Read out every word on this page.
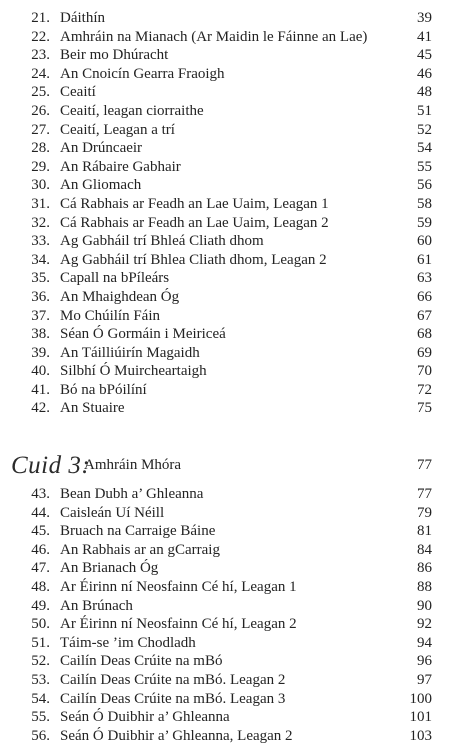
21. Dáithín	39
22. Amhráin na Mianach (Ar Maidin le Fáinne an Lae)	41
23. Beir mo Dhúracht	45
24. An Cnoicín Gearra Fraoigh	46
25. Ceaití	48
26. Ceaití, leagan ciorraithe	51
27. Ceaití, Leagan a trí	52
28. An Drúncaeir	54
29. An Rábaire Gabhair	55
30. An Gliomach	56
31. Cá Rabhais ar Feadh an Lae Uaim, Leagan 1	58
32. Cá Rabhais ar Feadh an Lae Uaim, Leagan 2	59
33. Ag Gabháil trí Bhleá Cliath dhom	60
34. Ag Gabháil trí Bhlea Cliath dhom, Leagan 2	61
35. Capall na bPíleárs	63
36. An Mhaighdean Óg	66
37. Mo Chúilín Fáin	67
38. Séan Ó Gormáin i Meiriceá	68
39. An Táilliúirín Magaidh	69
40. Silbhí Ó Muircheartaigh	70
41. Bó na bPóilíní	72
42. An Stuaire	75
Cuid 3:
Amhráin Mhóra	77
43. Bean Dubh a’ Ghleanna	77
44. Caisleán Uí Néill	79
45. Bruach na Carraige Báine	81
46. An Rabhais ar an gCarraig	84
47. An Brianach Óg	86
48. Ar Éirinn ní Neosfainn Cé hí, Leagan 1	88
49. An Brúnach	90
50. Ar Éirinn ní Neosfainn Cé hí, Leagan 2	92
51. Táim-se ’im Chodladh	94
52. Cailín Deas Crúite na mBó	96
53. Cailín Deas Crúite na mBó. Leagan 2	97
54. Cailín Deas Crúite na mBó. Leagan 3	100
55. Seán Ó Duibhir a’ Ghleanna	101
56. Seán Ó Duibhir a’ Ghleanna, Leagan 2	103
